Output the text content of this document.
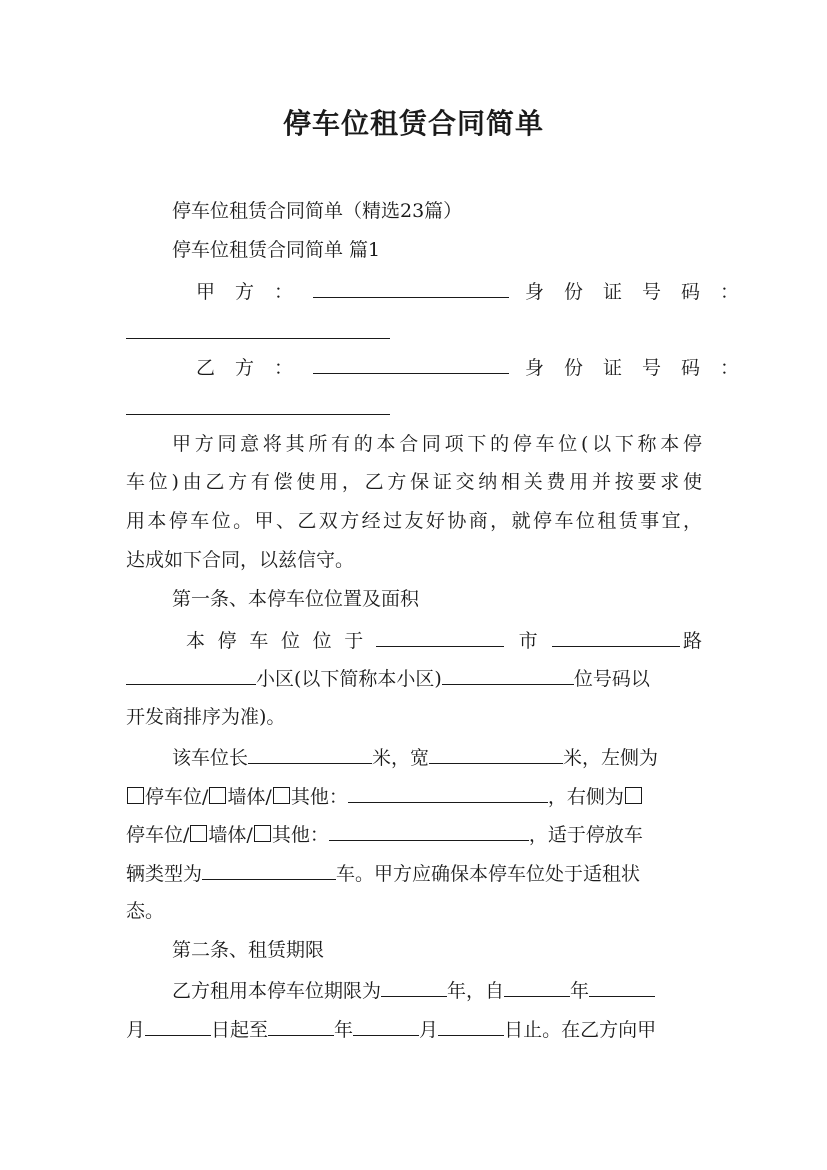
停车位租赁合同简单
停车位租赁合同简单（精选23篇）
停车位租赁合同简单 篇1
甲方：	身份证号码：
乙方：	身份证号码：
甲方同意将其所有的本合同项下的停车位(以下称本停
车位)由乙方有偿使用，乙方保证交纳相关费用并按要求使
用本停车位。甲、乙双方经过友好协商，就停车位租赁事宜，
达成如下合同，以兹信守。
第一条、本停车位位置及面积
本停车位位于	市	路
小区(以下简称本小区)	位号码以
开发商排序为准)。
该车位长	米，宽	米，左侧为
停车位/ 墙体/ 其他：	，右侧为
停车位/ 墙体/ 其他：	，适于停放车
辆类型为	车。甲方应确保本停车位处于适租状
态。
第二条、租赁期限
乙方租用本停车位期限为	年，自	年
月	日起至	年	月	日止。在乙方向甲
